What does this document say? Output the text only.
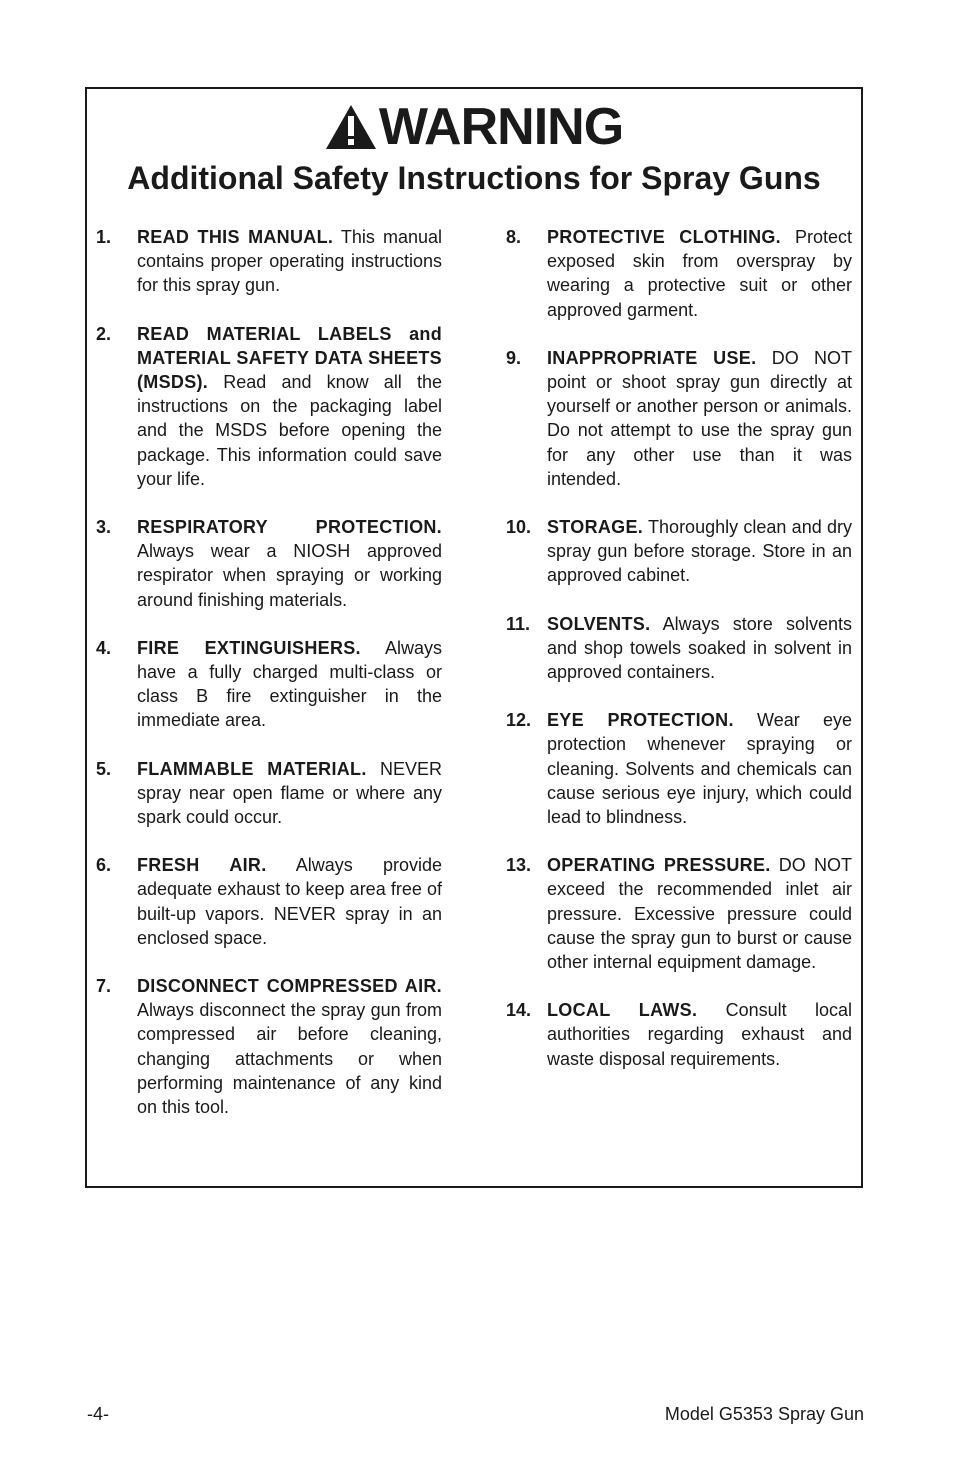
WARNING
Additional Safety Instructions for Spray Guns
1.	READ THIS MANUAL. This manual contains proper operating instructions for this spray gun.
2.	READ MATERIAL LABELS and MATERIAL SAFETY DATA SHEETS (MSDS). Read and know all the instructions on the packaging label and the MSDS before opening the package. This information could save your life.
3.	RESPIRATORY PROTECTION. Always wear a NIOSH approved respirator when spraying or working around finishing materials.
4.	FIRE EXTINGUISHERS. Always have a fully charged multi-class or class B fire extinguisher in the immediate area.
5.	FLAMMABLE MATERIAL. NEVER spray near open flame or where any spark could occur.
6.	FRESH AIR. Always provide adequate exhaust to keep area free of built-up vapors. NEVER spray in an enclosed space.
7.	DISCONNECT COMPRESSED AIR. Always disconnect the spray gun from compressed air before cleaning, changing attachments or when performing maintenance of any kind on this tool.
8.	PROTECTIVE CLOTHING. Protect exposed skin from overspray by wearing a protective suit or other approved garment.
9.	INAPPROPRIATE USE. DO NOT point or shoot spray gun directly at yourself or another person or animals. Do not attempt to use the spray gun for any other use than it was intended.
10. STORAGE. Thoroughly clean and dry spray gun before storage. Store in an approved cabinet.
11. SOLVENTS. Always store solvents and shop towels soaked in solvent in approved containers.
12. EYE PROTECTION. Wear eye protection whenever spraying or cleaning. Solvents and chemicals can cause serious eye injury, which could lead to blindness.
13. OPERATING PRESSURE. DO NOT exceed the recommended inlet air pressure. Excessive pressure could cause the spray gun to burst or cause other internal equipment damage.
14. LOCAL LAWS. Consult local authorities regarding exhaust and waste disposal requirements.
-4-	Model G5353 Spray Gun
